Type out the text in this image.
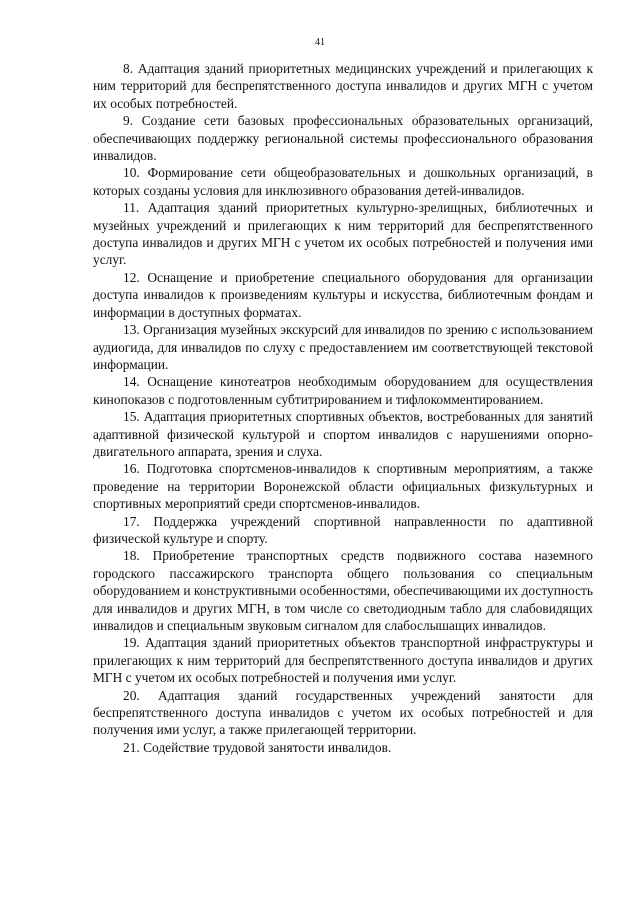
41

8. Адаптация зданий приоритетных медицинских учреждений и прилегающих к ним территорий для беспрепятственного доступа инвалидов и других МГН с учетом их особых потребностей.

9. Создание сети базовых профессиональных образовательных организаций, обеспечивающих поддержку региональной системы профессионального образования инвалидов.

10. Формирование сети общеобразовательных и дошкольных организаций, в которых созданы условия для инклюзивного образования детей-инвалидов.

11. Адаптация зданий приоритетных культурно-зрелищных, библиотечных и музейных учреждений и прилегающих к ним территорий для беспрепятственного доступа инвалидов и других МГН с учетом их особых потребностей и получения ими услуг.

12. Оснащение и приобретение специального оборудования для организации доступа инвалидов к произведениям культуры и искусства, библиотечным фондам и информации в доступных форматах.

13. Организация музейных экскурсий для инвалидов по зрению с использованием аудиогида, для инвалидов по слуху с предоставлением им соответствующей текстовой информации.

14. Оснащение кинотеатров необходимым оборудованием для осуществления кинопоказов с подготовленным субтитрированием и тифлокомментированием.

15. Адаптация приоритетных спортивных объектов, востребованных для занятий адаптивной физической культурой и спортом инвалидов с нарушениями опорно-двигательного аппарата, зрения и слуха.

16. Подготовка спортсменов-инвалидов к спортивным мероприятиям, а также проведение на территории Воронежской области официальных физкультурных и спортивных мероприятий среди спортсменов-инвалидов.

17. Поддержка учреждений спортивной направленности по адаптивной физической культуре и спорту.

18. Приобретение транспортных средств подвижного состава наземного городского пассажирского транспорта общего пользования со специальным оборудованием и конструктивными особенностями, обеспечивающими их доступность для инвалидов и других МГН, в том числе со светодиодным табло для слабовидящих инвалидов и специальным звуковым сигналом для слабослышащих инвалидов.

19. Адаптация зданий приоритетных объектов транспортной инфраструктуры и прилегающих к ним территорий для беспрепятственного доступа инвалидов и других МГН с учетом их особых потребностей и получения ими услуг.

20. Адаптация зданий государственных учреждений занятости для беспрепятственного доступа инвалидов с учетом их особых потребностей и для получения ими услуг, а также прилегающей территории.

21. Содействие трудовой занятости инвалидов.
